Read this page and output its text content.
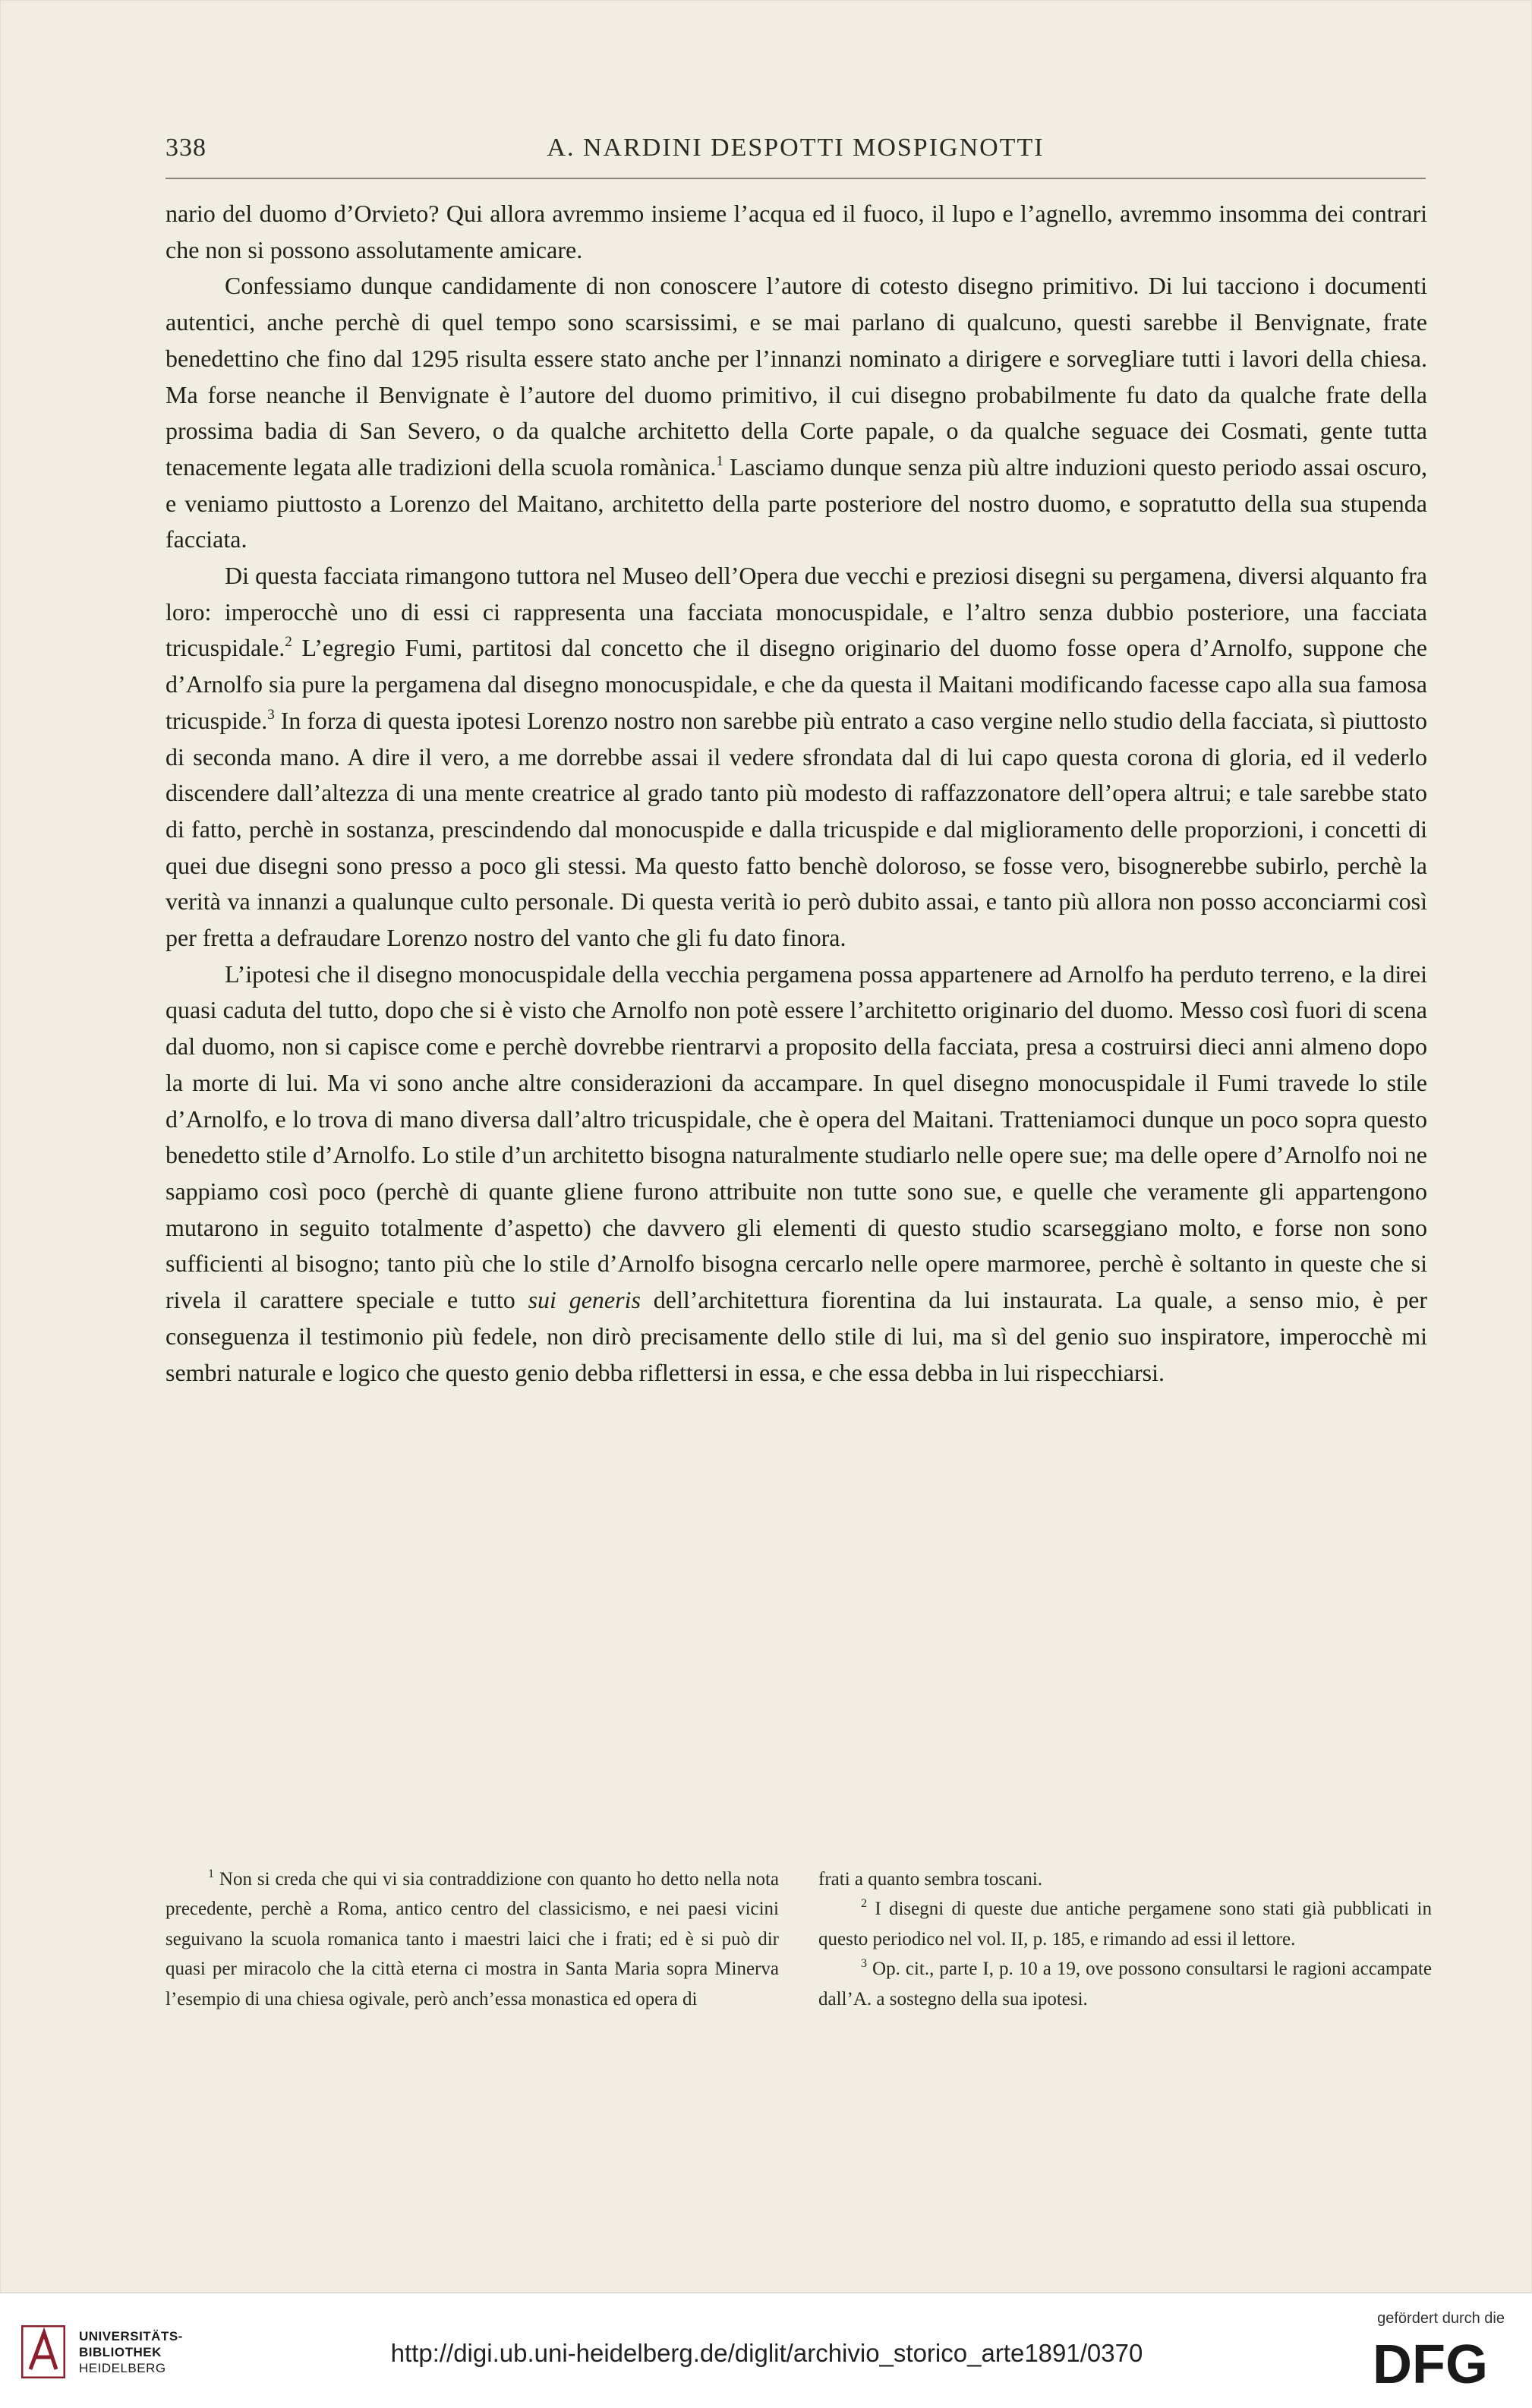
338	A. NARDINI DESPOTTI MOSPIGNOTTI

nario del duomo d’Orvieto? Qui allora avremmo insieme l’acqua ed il fuoco, il lupo e l’agnello, avremmo insomma dei contrari che non si possono assolutamente amicare.

Confessiamo dunque candidamente di non conoscere l’autore di cotesto disegno primitivo. Di lui tacciono i documenti autentici, anche perchè di quel tempo sono scarsissimi, e se mai parlano di qualcuno, questi sarebbe il Benvignate, frate benedettino che fino dal 1295 risulta essere stato anche per l’innanzi nominato a dirigere e sorvegliare tutti i lavori della chiesa. Ma forse neanche il Benvignate è l’autore del duomo primitivo, il cui disegno probabilmente fu dato da qualche frate della prossima badia di San Severo, o da qualche architetto della Corte papale, o da qualche seguace dei Cosmati, gente tutta tenacemente legata alle tradizioni della scuola romànica.$^1$ Lasciamo dunque senza più altre induzioni questo periodo assai oscuro, e veniamo piuttosto a Lorenzo del Maitano, architetto della parte posteriore del nostro duomo, e sopratutto della sua stupenda facciata.

Di questa facciata rimangono tuttora nel Museo dell’Opera due vecchi e preziosi disegni su pergamena, diversi alquanto fra loro: imperocchè uno di essi ci rappresenta una facciata monocuspidale, e l’altro senza dubbio posteriore, una facciata tricuspidale.$^2$ L’egregio Fumi, partitosi dal concetto che il disegno originario del duomo fosse opera d’Arnolfo, suppone che d’Arnolfo sia pure la pergamena dal disegno monocuspidale, e che da questa il Maitani modificando facesse capo alla sua famosa tricuspide.$^3$ In forza di questa ipotesi Lorenzo nostro non sarebbe più entrato a caso vergine nello studio della facciata, sì piuttosto di seconda mano. A dire il vero, a me dorrebbe assai il vedere sfrondata dal di lui capo questa corona di gloria, ed il vederlo discendere dall’altezza di una mente creatrice al grado tanto più modesto di raffazzonatore dell’opera altrui; e tale sarebbe stato di fatto, perchè in sostanza, prescindendo dal monocuspide e dalla tricuspide e dal miglioramento delle proporzioni, i concetti di quei due disegni sono presso a poco gli stessi. Ma questo fatto benchè doloroso, se fosse vero, bisognerebbe subirlo, perchè la verità va innanzi a qualunque culto personale. Di questa verità io però dubito assai, e tanto più allora non posso acconciarmi così per fretta a defraudare Lorenzo nostro del vanto che gli fu dato finora.

L’ipotesi che il disegno monocuspidale della vecchia pergamena possa appartenere ad Arnolfo ha perduto terreno, e la direi quasi caduta del tutto, dopo che si è visto che Arnolfo non potè essere l’architetto originario del duomo. Messo così fuori di scena dal duomo, non si capisce come e perchè dovrebbe rientrarvi a proposito della facciata, presa a costruirsi dieci anni almeno dopo la morte di lui. Ma vi sono anche altre considerazioni da accampare. In quel disegno monocuspidale il Fumi travede lo stile d’Arnolfo, e lo trova di mano diversa dall’altro tricuspidale, che è opera del Maitani. Tratteniamoci dunque un poco sopra questo benedetto stile d’Arnolfo. Lo stile d’un architetto bisogna naturalmente studiarlo nelle opere sue; ma delle opere d’Arnolfo noi ne sappiamo così poco (perchè di quante gliene furono attribuite non tutte sono sue, e quelle che veramente gli appartengono mutarono in seguito totalmente d’aspetto) che davvero gli elementi di questo studio scarseggiano molto, e forse non sono sufficienti al bisogno; tanto più che lo stile d’Arnolfo bisogna cercarlo nelle opere marmoree, perchè è soltanto in queste che si rivela il carattere speciale e tutto sui generis dell’architettura fiorentina da lui instaurata. La quale, a senso mio, è per conseguenza il testimonio più fedele, non dirò precisamente dello stile di lui, ma sì del genio suo inspiratore, imperocchè mi sembri naturale e logico che questo genio debba riflettersi in essa, e che essa debba in lui rispecchiarsi.

$^1$ Non si creda che qui vi sia contraddizione con quanto ho detto nella nota precedente, perchè a Roma, antico centro del classicismo, e nei paesi vicini seguivano la scuola romanica tanto i maestri laici che i frati; ed è si può dir quasi per miracolo che la città eterna ci mostra in Santa Maria sopra Minerva l’esempio di una chiesa ogivale, però anch’essa monastica ed opera di

frati a quanto sembra toscani.

$^2$ I disegni di queste due antiche pergamene sono stati già pubblicati in questo periodico nel vol. II, p. 185, e rimando ad essi il lettore.

$^3$ Op. cit., parte I, p. 10 a 19, ove possono consultarsi le ragioni accampate dall’A. a sostegno della sua ipotesi.

UNIVERSITÄTS-
BIBLIOTHEK
HEIDELBERG
http://digi.ub.uni-heidelberg.de/diglit/archivio_storico_arte1891/0370
gefördert durch die
DFG
